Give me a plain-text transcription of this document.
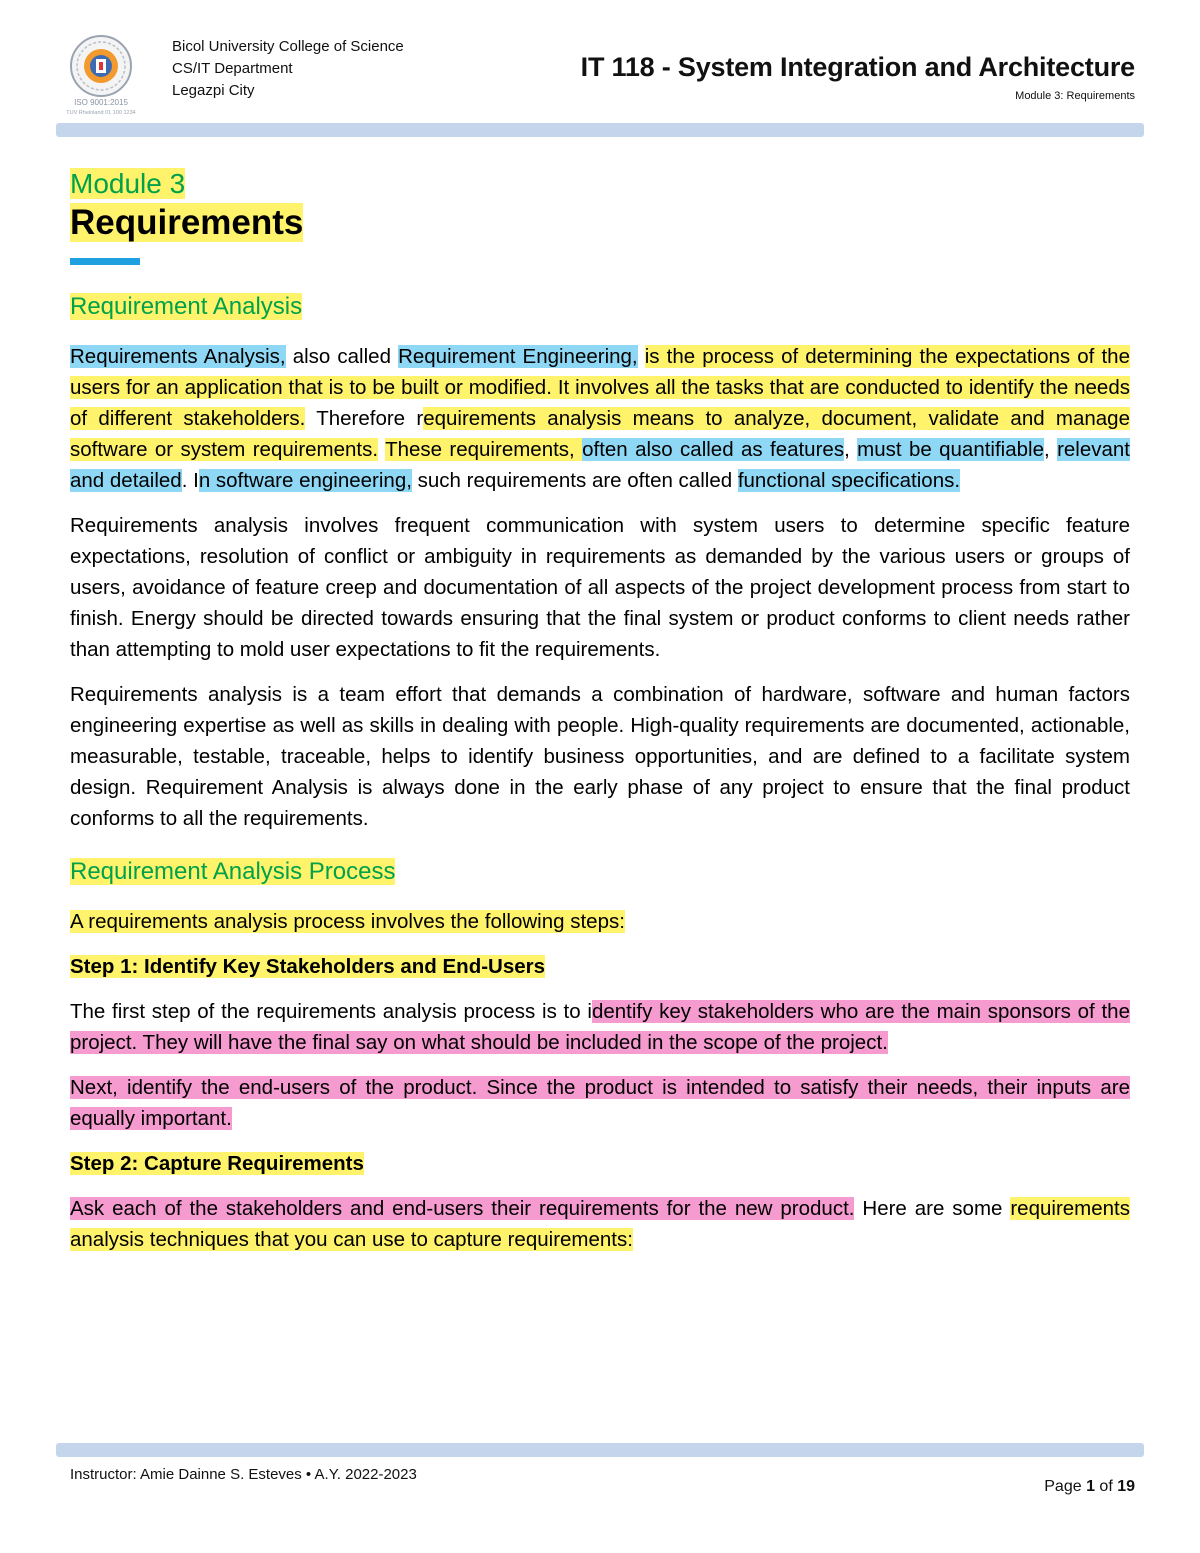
ISO 9001:2015
TUV Rheinland 01 100 1234
Bicol University College of Science
CS/IT Department
Legazpi City
IT 118 - System Integration and Architecture
Module 3: Requirements
Module 3
Requirements
Requirement Analysis

Requirements Analysis, also called Requirement Engineering, is the process of determining the expectations of the users for an application that is to be built or modified. It involves all the tasks that are conducted to identify the needs of different stakeholders. Therefore requirements analysis means to analyze, document, validate and manage software or system requirements. These requirements, often also called as features, must be quantifiable, relevant and detailed. In software engineering, such requirements are often called functional specifications.

Requirements analysis involves frequent communication with system users to determine specific feature expectations, resolution of conflict or ambiguity in requirements as demanded by the various users or groups of users, avoidance of feature creep and documentation of all aspects of the project development process from start to finish. Energy should be directed towards ensuring that the final system or product conforms to client needs rather than attempting to mold user expectations to fit the requirements.

Requirements analysis is a team effort that demands a combination of hardware, software and human factors engineering expertise as well as skills in dealing with people. High-quality requirements are documented, actionable, measurable, testable, traceable, helps to identify business opportunities, and are defined to a facilitate system design. Requirement Analysis is always done in the early phase of any project to ensure that the final product conforms to all the requirements.

Requirement Analysis Process

A requirements analysis process involves the following steps:

Step 1: Identify Key Stakeholders and End-Users

The first step of the requirements analysis process is to identify key stakeholders who are the main sponsors of the project. They will have the final say on what should be included in the scope of the project.

Next, identify the end-users of the product. Since the product is intended to satisfy their needs, their inputs are equally important.

Step 2: Capture Requirements

Ask each of the stakeholders and end-users their requirements for the new product. Here are some requirements analysis techniques that you can use to capture requirements:

Instructor: Amie Dainne S. Esteves • A.Y. 2022-2023
Page 1 of 19
